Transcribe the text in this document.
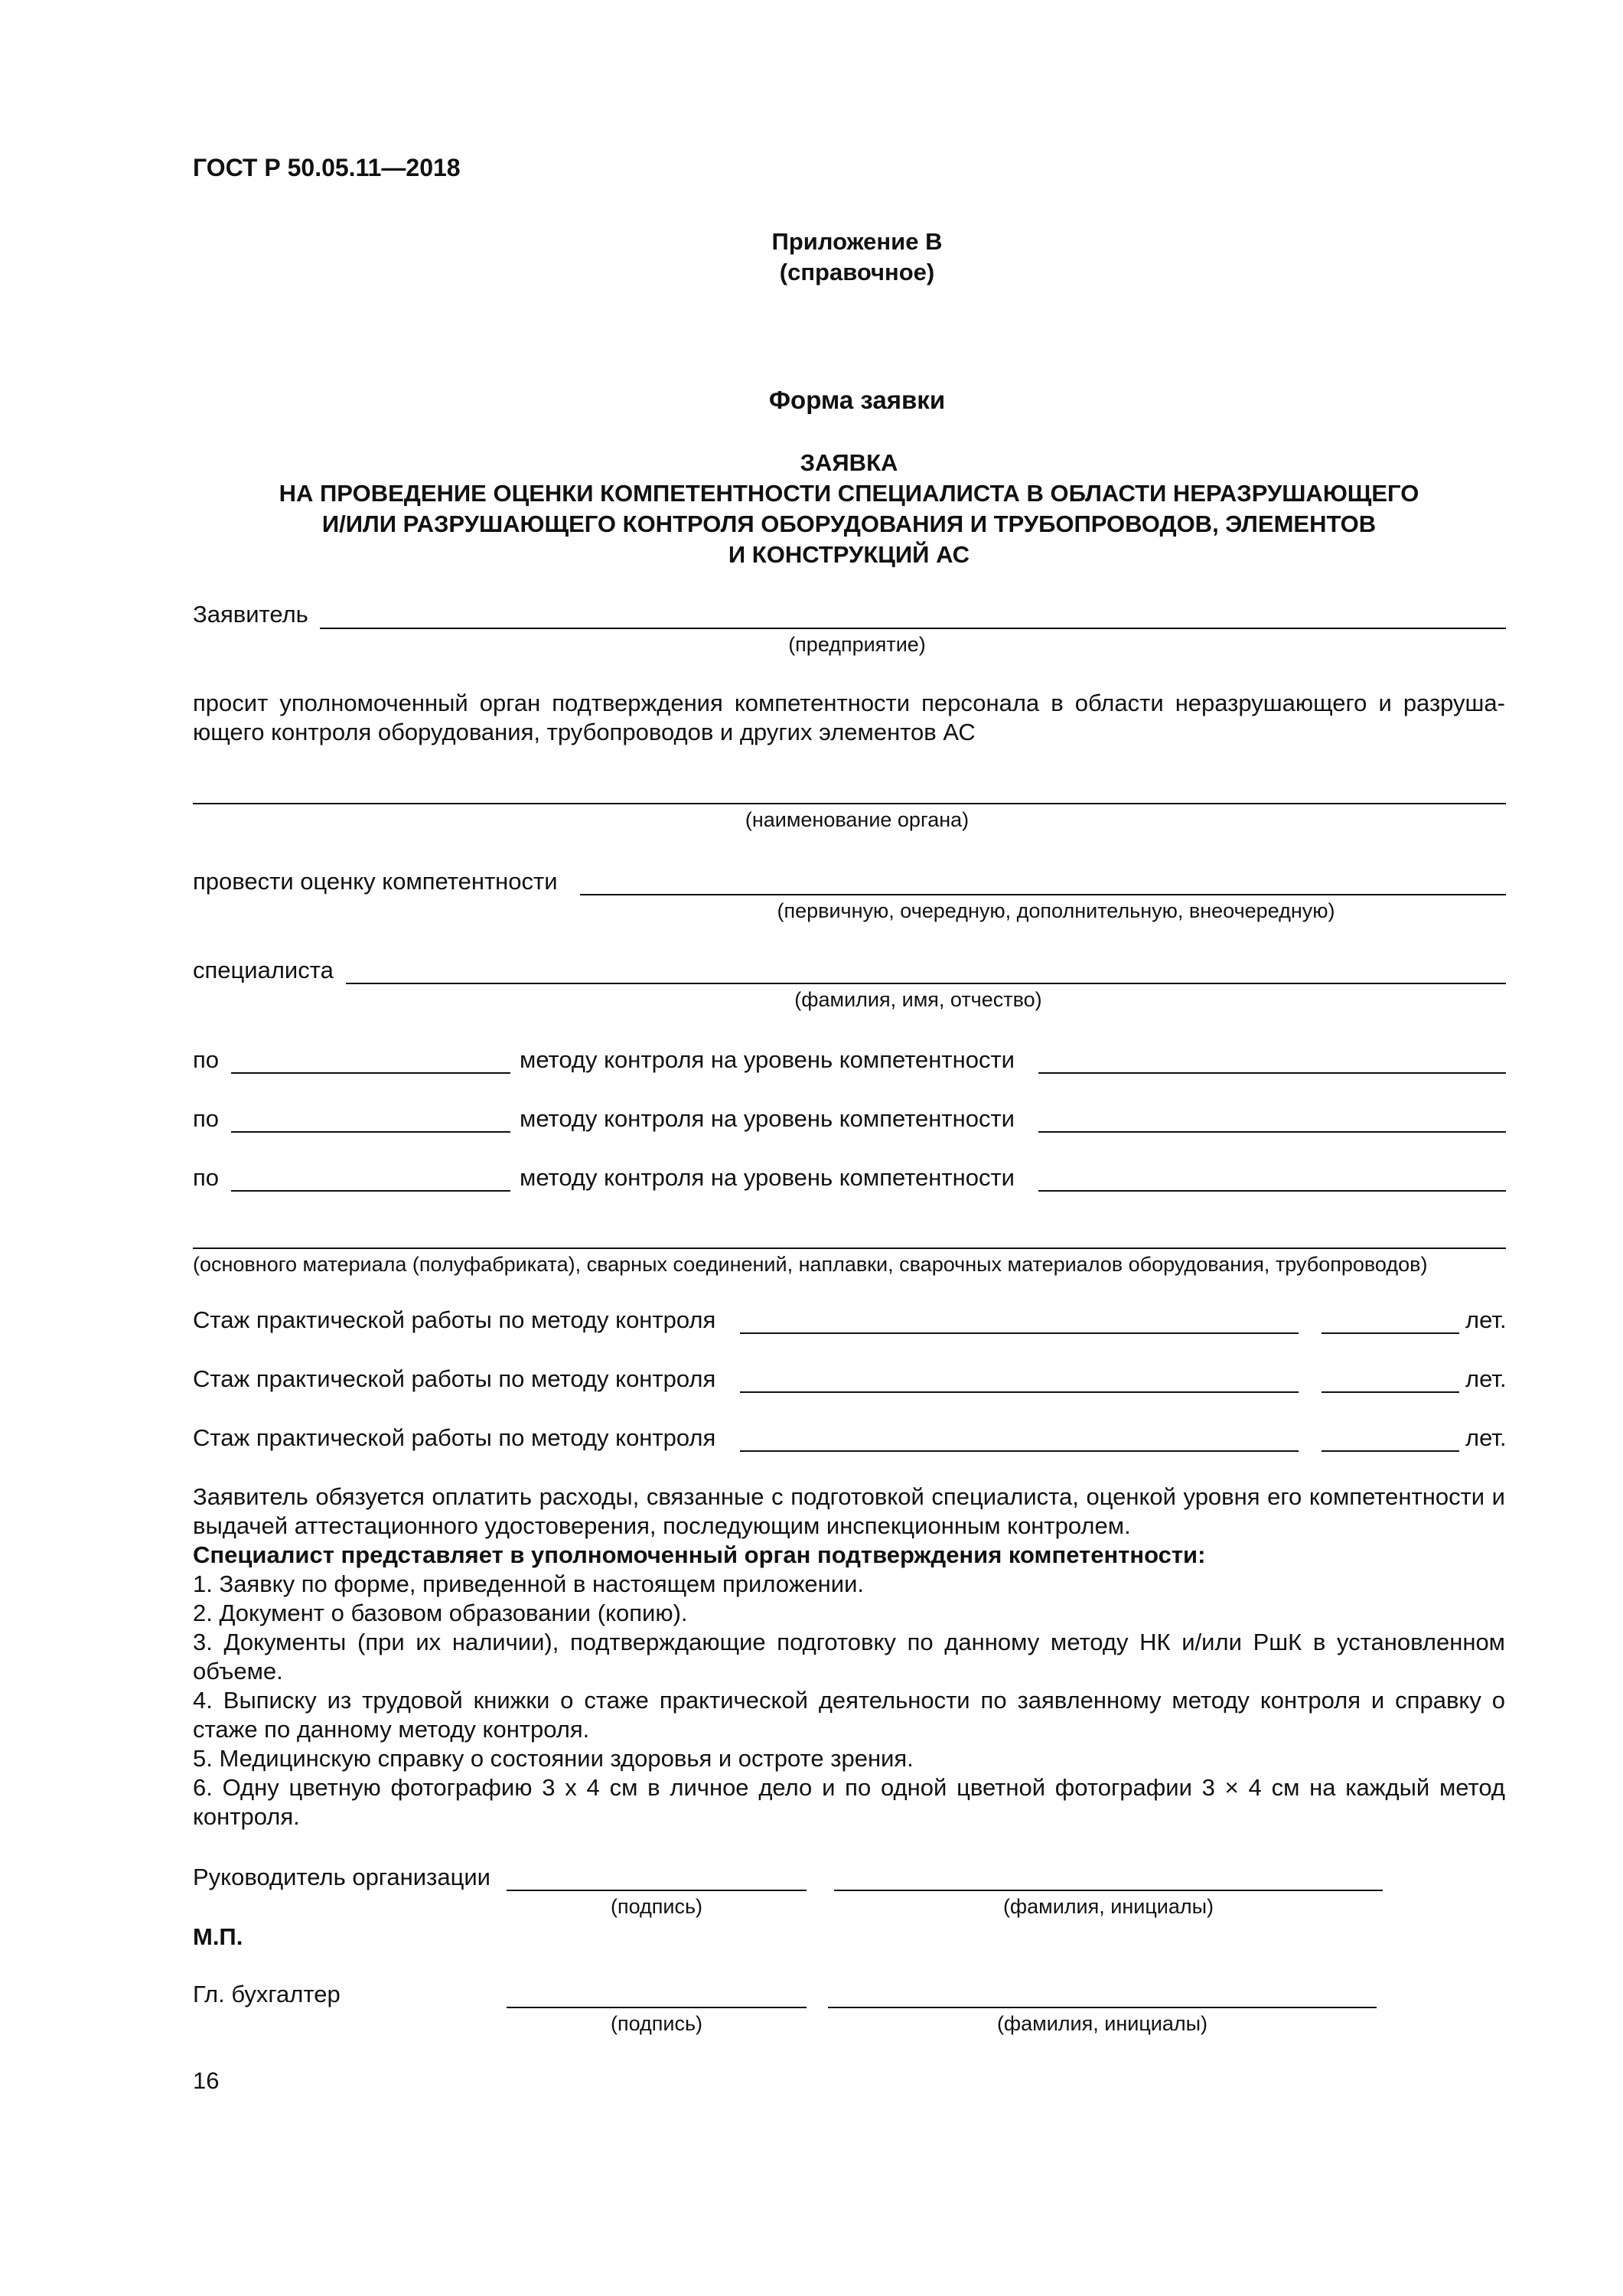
ГОСТ Р 50.05.11—2018
Приложение В
(справочное)
Форма заявки
ЗАЯВКА
НА ПРОВЕДЕНИЕ ОЦЕНКИ КОМПЕТЕНТНОСТИ СПЕЦИАЛИСТА В ОБЛАСТИ НЕРАЗРУШАЮЩЕГО
И/ИЛИ РАЗРУШАЮЩЕГО КОНТРОЛЯ ОБОРУДОВАНИЯ И ТРУБОПРОВОДОВ, ЭЛЕМЕНТОВ
И КОНСТРУКЦИЙ АС
Заявитель
(предприятие)
просит уполномоченный орган подтверждения компетентности персонала в области неразрушающего и разруша-ющего контроля оборудования, трубопроводов и других элементов АС
(наименование органа)
провести оценку компетентности
(первичную, очередную, дополнительную, внеочередную)
специалиста
(фамилия, имя, отчество)
по	методу контроля на уровень компетентности
по	методу контроля на уровень компетентности
по	методу контроля на уровень компетентности
(основного материала (полуфабриката), сварных соединений, наплавки, сварочных материалов оборудования, трубопроводов)
Стаж практической работы по методу контроля	лет.
Стаж практической работы по методу контроля	лет.
Стаж практической работы по методу контроля	лет.
Заявитель обязуется оплатить расходы, связанные с подготовкой специалиста, оценкой уровня его компетентности и выдачей аттестационного удостоверения, последующим инспекционным контролем.
Специалист представляет в уполномоченный орган подтверждения компетентности:
1. Заявку по форме, приведенной в настоящем приложении.
2. Документ о базовом образовании (копию).
3. Документы (при их наличии), подтверждающие подготовку по данному методу НК и/или РшК в установленном объеме.
4. Выписку из трудовой книжки о стаже практической деятельности по заявленному методу контроля и справку о стаже по данному методу контроля.
5. Медицинскую справку о состоянии здоровья и остроте зрения.
6. Одну цветную фотографию 3 х 4 см в личное дело и по одной цветной фотографии 3 × 4 см на каждый метод контроля.
Руководитель организации
(подпись)	(фамилия, инициалы)
М.П.
Гл. бухгалтер
(подпись)	(фамилия, инициалы)
16
